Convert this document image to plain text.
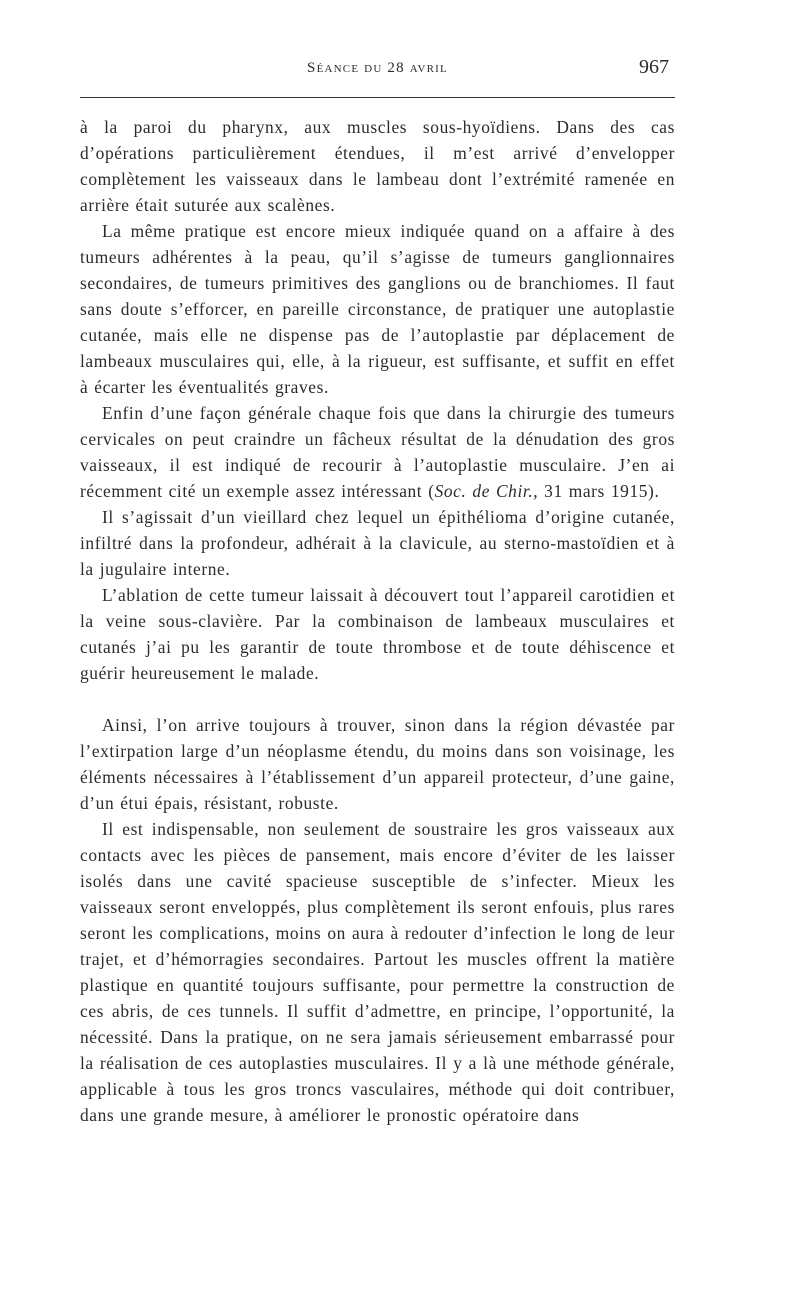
Séance du 28 avril	967

à la paroi du pharynx, aux muscles sous-hyoïdiens. Dans des cas d’opérations particulièrement étendues, il m’est arrivé d’envelopper complètement les vaisseaux dans le lambeau dont l’extrémité ramenée en arrière était suturée aux scalènes.

La même pratique est encore mieux indiquée quand on a affaire à des tumeurs adhérentes à la peau, qu’il s’agisse de tumeurs ganglionnaires secondaires, de tumeurs primitives des ganglions ou de branchiomes. Il faut sans doute s’efforcer, en pareille circonstance, de pratiquer une autoplastie cutanée, mais elle ne dispense pas de l’autoplastie par déplacement de lambeaux musculaires qui, elle, à la rigueur, est suffisante, et suffit en effet à écarter les éventualités graves.

Enfin d’une façon générale chaque fois que dans la chirurgie des tumeurs cervicales on peut craindre un fâcheux résultat de la dénudation des gros vaisseaux, il est indiqué de recourir à l’autoplastie musculaire. J’en ai récemment cité un exemple assez intéressant (Soc. de Chir., 31 mars 1915).

Il s’agissait d’un vieillard chez lequel un épithélioma d’origine cutanée, infiltré dans la profondeur, adhérait à la clavicule, au sterno-mastoïdien et à la jugulaire interne.

L’ablation de cette tumeur laissait à découvert tout l’appareil carotidien et la veine sous-clavière. Par la combinaison de lambeaux musculaires et cutanés j’ai pu les garantir de toute thrombose et de toute déhiscence et guérir heureusement le malade.

Ainsi, l’on arrive toujours à trouver, sinon dans la région dévastée par l’extirpation large d’un néoplasme étendu, du moins dans son voisinage, les éléments nécessaires à l’établissement d’un appareil protecteur, d’une gaine, d’un étui épais, résistant, robuste.

Il est indispensable, non seulement de soustraire les gros vaisseaux aux contacts avec les pièces de pansement, mais encore d’éviter de les laisser isolés dans une cavité spacieuse susceptible de s’infecter. Mieux les vaisseaux seront enveloppés, plus complètement ils seront enfouis, plus rares seront les complications, moins on aura à redouter d’infection le long de leur trajet, et d’hémorragies secondaires. Partout les muscles offrent la matière plastique en quantité toujours suffisante, pour permettre la construction de ces abris, de ces tunnels. Il suffit d’admettre, en principe, l’opportunité, la nécessité. Dans la pratique, on ne sera jamais sérieusement embarrassé pour la réalisation de ces autoplasties musculaires. Il y a là une méthode générale, applicable à tous les gros troncs vasculaires, méthode qui doit contribuer, dans une grande mesure, à améliorer le pronostic opératoire dans
